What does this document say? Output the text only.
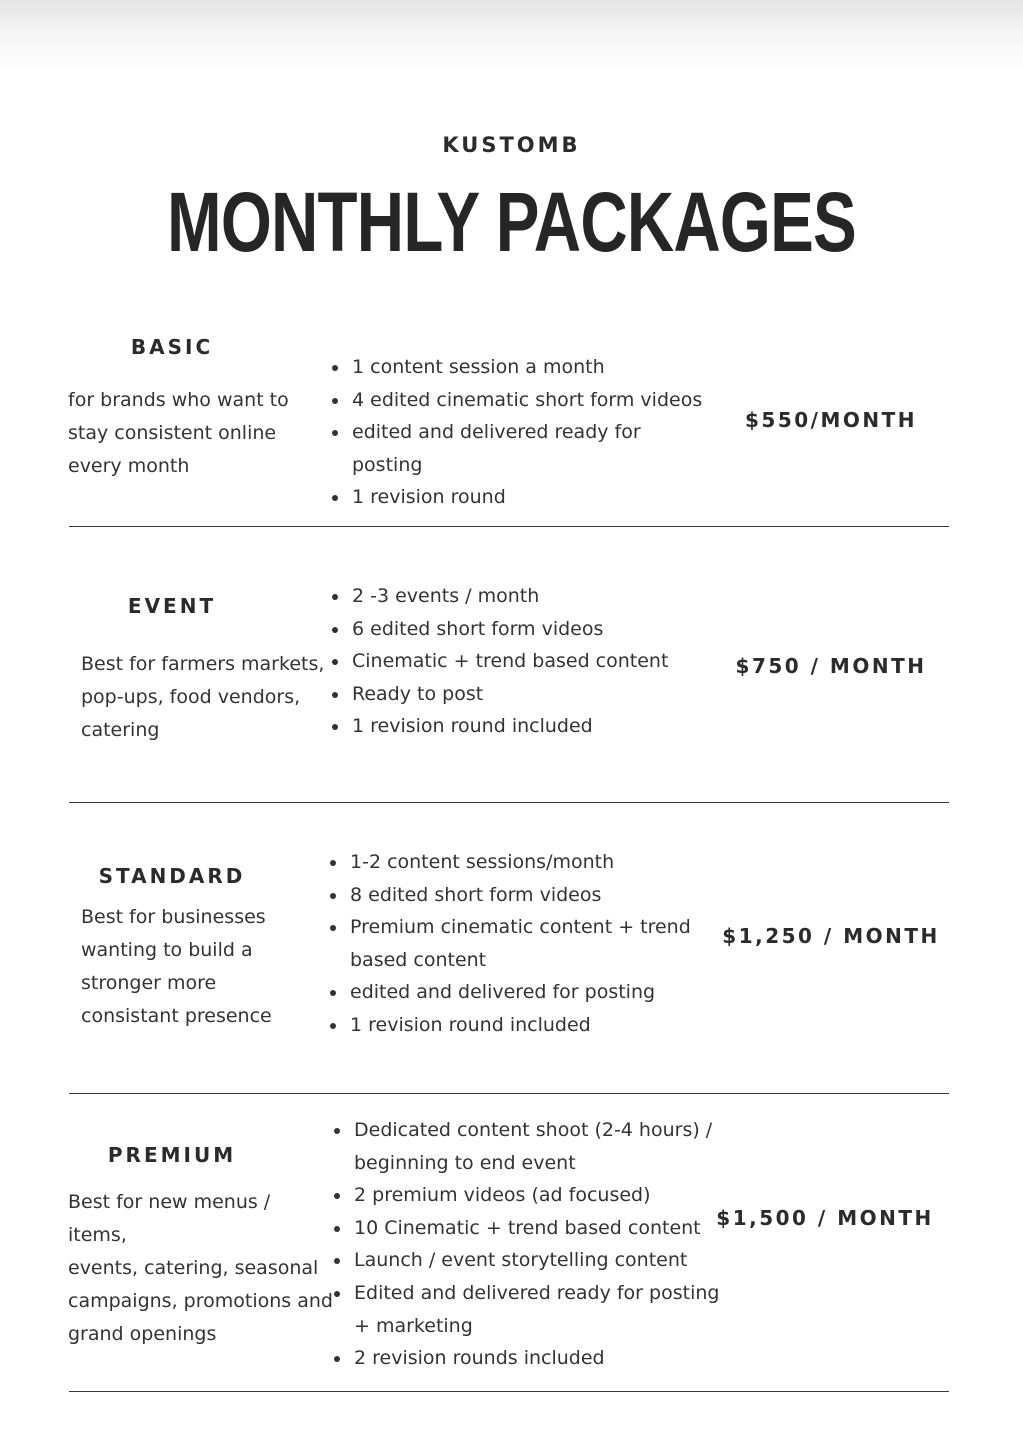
KUSTOMB
MONTHLY PACKAGES
BASIC
for brands who want to
stay consistent online
every month
1 content session a month
4 edited cinematic short form videos
edited and delivered ready for posting
1 revision round
$550/MONTH
EVENT
Best for farmers markets,
pop-ups, food vendors,
catering
2 -3 events / month
6 edited short form videos
Cinematic + trend based content
Ready to post
1 revision round included
$750 / MONTH
STANDARD
Best for businesses
wanting to build a
stronger more
consistant presence
1-2 content sessions/month
8 edited short form videos
Premium cinematic content + trend based content
edited and delivered for posting
1 revision round included
$1,250 / MONTH
PREMIUM
Best for new menus / items,
events, catering, seasonal
campaigns, promotions and
grand openings
Dedicated content shoot (2-4 hours) / beginning to end event
2 premium videos (ad focused)
10 Cinematic + trend based content
Launch / event storytelling content
Edited and delivered ready for posting + marketing
2 revision rounds included
$1,500 / MONTH
